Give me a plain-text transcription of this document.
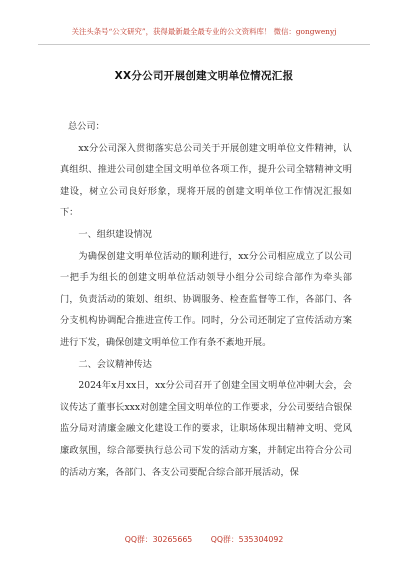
关注头条号“公文研究”，获得最新最全最专业的公文资料库！ 微信：gongwenyj
XX分公司开展创建文明单位情况汇报

总公司：

xx分公司深入贯彻落实总公司关于开展创建文明单位文件精神，认真组织、推进公司创建全国文明单位各项工作，提升公司全辖精神文明建设，树立公司良好形象，现将开展的创建文明单位工作情况汇报如下：

一、组织建设情况

为确保创建文明单位活动的顺利进行，xx分公司相应成立了以公司一把手为组长的创建文明单位活动领导小组分公司综合部作为牵头部门，负责活动的策划、组织、协调服务、检查监督等工作，各部门、各分支机构协调配合推进宣传工作。同时，分公司还制定了宣传活动方案进行下发，确保创建文明单位工作有条不紊地开展。

二、会议精神传达

2024年x月xx日，xx分公司召开了创建全国文明单位冲刺大会，会议传达了董事长xxx对创建全国文明单位的工作要求，分公司要结合银保监分局对清廉金融文化建设工作的要求，让职场体现出精神文明、党风廉政氛围，综合部要执行总公司下发的活动方案，并制定出符合分公司的活动方案，各部门、各支公司要配合综合部开展活动，保

QQ群：30265665 QQ群：535304092
